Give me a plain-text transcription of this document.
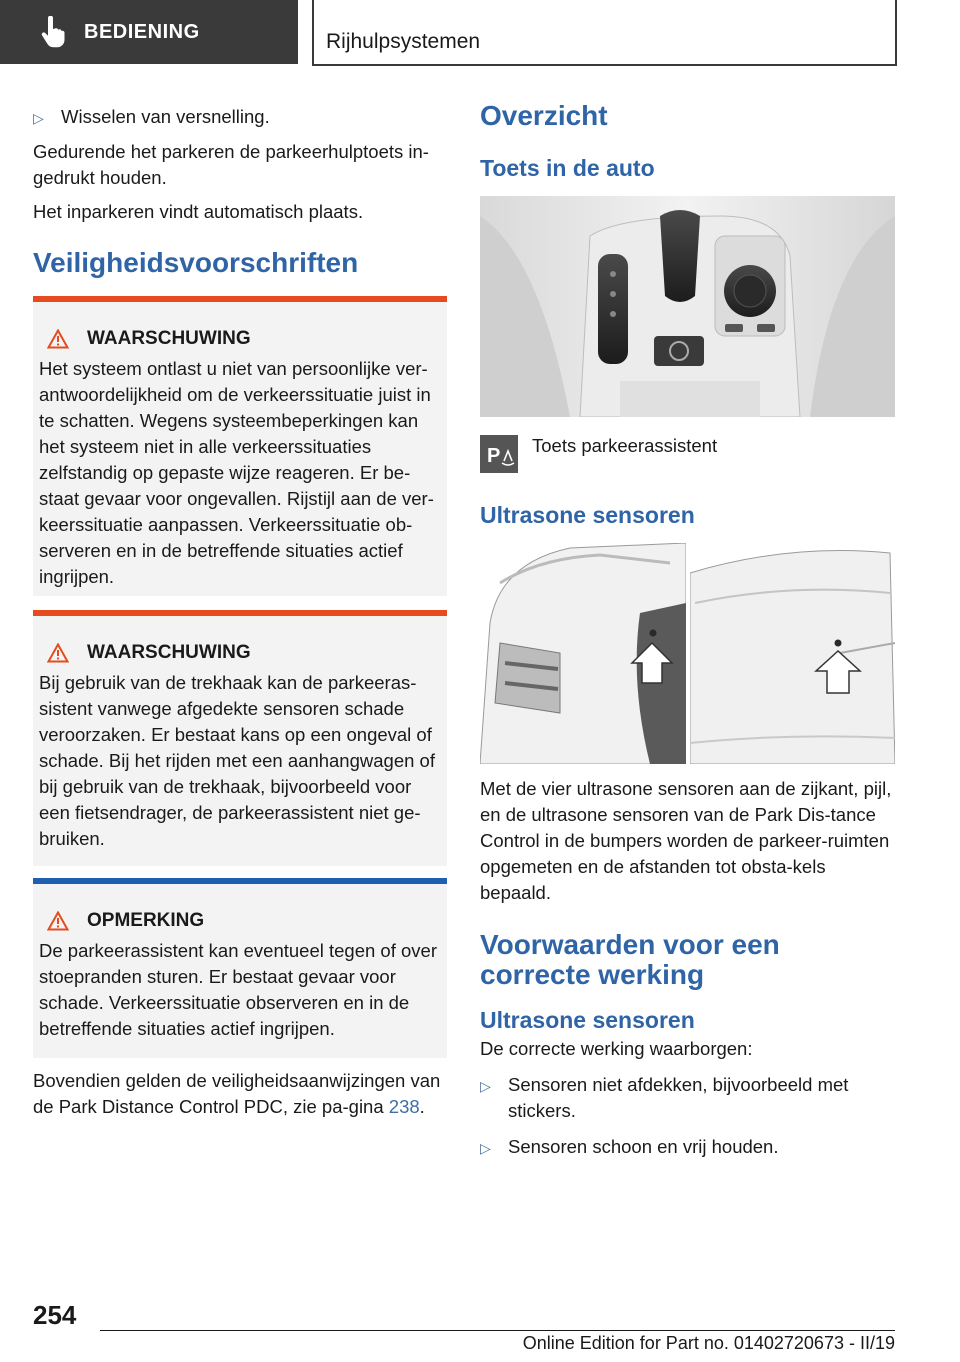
BEDIENING	Rijhulpsystemen
▷ Wisselen van versnelling.

Gedurende het parkeren de parkeerhulptoets in-gedrukt houden.

Het inparkeren vindt automatisch plaats.

Veiligheidsvoorschriften
WAARSCHUWING
Het systeem ontlast u niet van persoonlijke ver-antwoordelijkheid om de verkeerssituatie juist in te schatten. Wegens systeembeperkingen kan het systeem niet in alle verkeerssituaties zelfstandig op gepaste wijze reageren. Er be-staat gevaar voor ongevallen. Rijstijl aan de ver-keerssituatie aanpassen. Verkeerssituatie ob-serveren en in de betreffende situaties actief ingrijpen.
WAARSCHUWING
Bij gebruik van de trekhaak kan de parkeeras-sistent vanwege afgedekte sensoren schade veroorzaken. Er bestaat kans op een ongeval of schade. Bij het rijden met een aanhangwagen of bij gebruik van de trekhaak, bijvoorbeeld voor een fietsendrager, de parkeerassistent niet ge-bruiken.
OPMERKING
De parkeerassistent kan eventueel tegen of over stoepranden sturen. Er bestaat gevaar voor schade. Verkeerssituatie observeren en in de betreffende situaties actief ingrijpen.

Bovendien gelden de veiligheidsaanwijzingen van de Park Distance Control PDC, zie pa-gina 238.

Overzicht
Toets in de auto
P Toets parkeerassistent
Ultrasone sensoren

Met de vier ultrasone sensoren aan de zijkant, pijl, en de ultrasone sensoren van de Park Dis-tance Control in de bumpers worden de parkeer-ruimten opgemeten en de afstanden tot obsta-kels bepaald.

Voorwaarden voor een correcte werking
Ultrasone sensoren

De correcte werking waarborgen:

▷ Sensoren niet afdekken, bijvoorbeeld met stickers.
▷ Sensoren schoon en vrij houden.
254
Online Edition for Part no. 01402720673 - II/19
